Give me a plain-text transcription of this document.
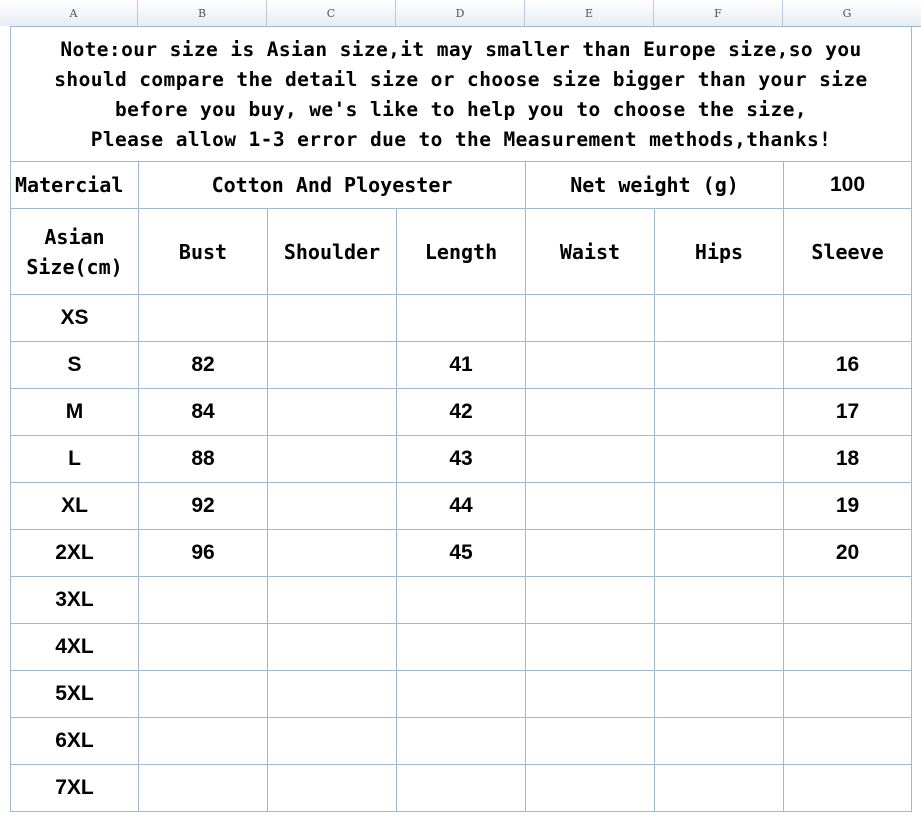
A	B	C	D	E	F	G
Note:our size is Asian size,it may smaller than Europe size,so you
should compare the detail size or choose size bigger than your size
before you buy, we's like to help you to choose the size,
Please allow 1-3 error due to the Measurement methods,thanks!						

Matercial	Cotton And Ployester			Net weight (g)		100

Asian
Size(cm)	Bust	Shoulder	Length	Waist	Hips	Sleeve
XS						
S	82		41			16
M	84		42			17
L	88		43			18
XL	92		44			19
2XL	96		45			20
3XL						
4XL						
5XL						
6XL						
7XL						
